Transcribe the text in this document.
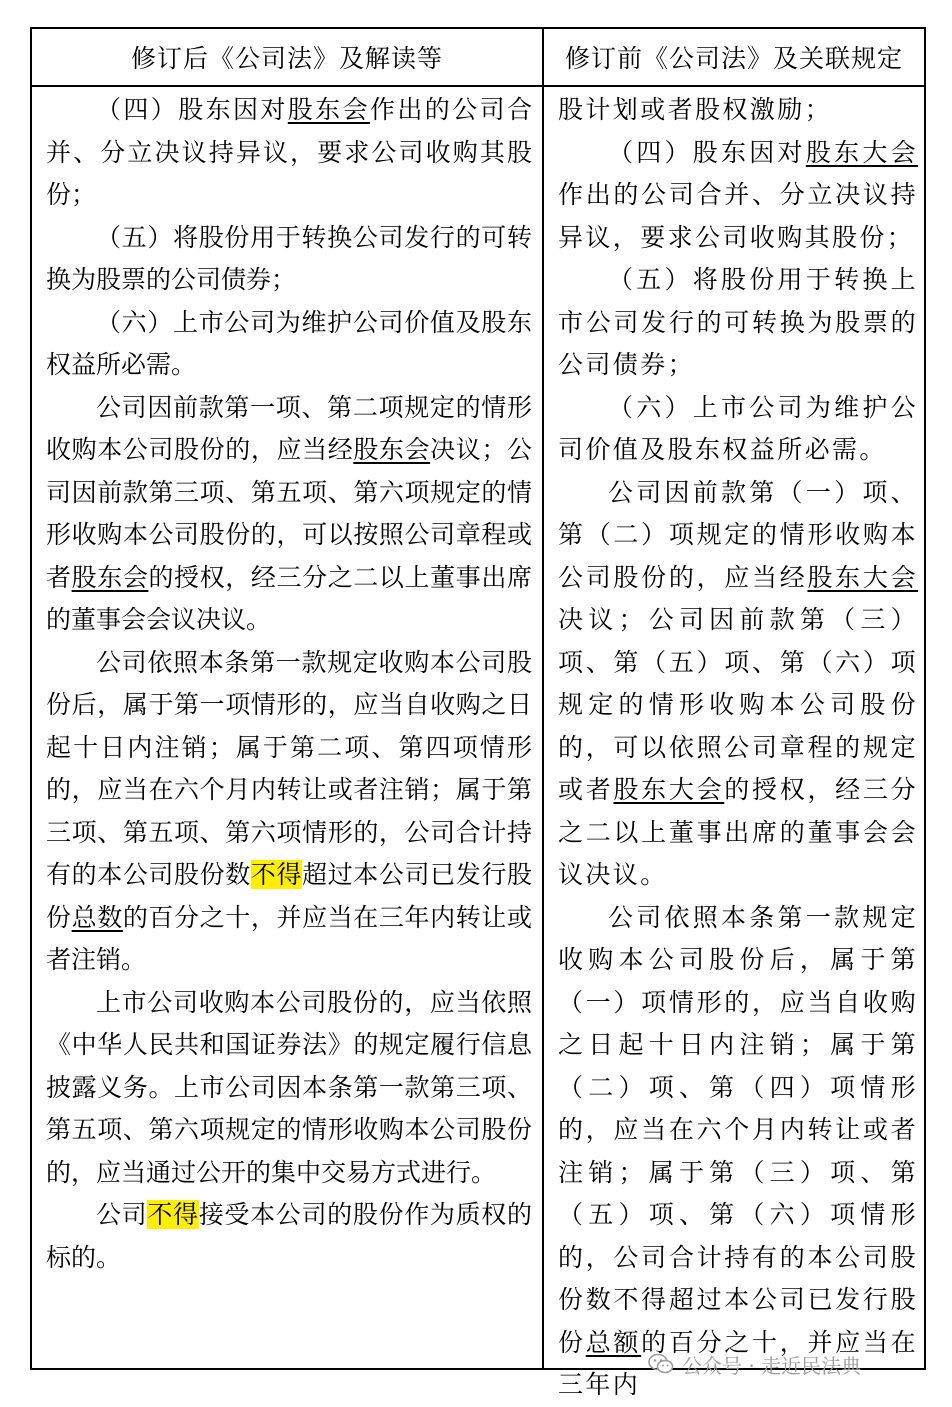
修订后《公司法》及解读等	修订前《公司法》及关联规定

（四）股东因对股东会作出的公司合并、分立决议持异议，要求公司收购其股份；

（五）将股份用于转换公司发行的可转换为股票的公司债券；

（六）上市公司为维护公司价值及股东权益所必需。

公司因前款第一项、第二项规定的情形收购本公司股份的，应当经股东会决议；公司因前款第三项、第五项、第六项规定的情形收购本公司股份的，可以按照公司章程或者股东会的授权，经三分之二以上董事出席的董事会会议决议。

公司依照本条第一款规定收购本公司股份后，属于第一项情形的，应当自收购之日起十日内注销；属于第二项、第四项情形的，应当在六个月内转让或者注销；属于第三项、第五项、第六项情形的，公司合计持有的本公司股份数不得超过本公司已发行股份总数的百分之十，并应当在三年内转让或者注销。

上市公司收购本公司股份的，应当依照《中华人民共和国证券法》的规定履行信息披露义务。上市公司因本条第一款第三项、第五项、第六项规定的情形收购本公司股份的，应当通过公开的集中交易方式进行。

公司不得接受本公司的股份作为质权的标的。

股计划或者股权激励；

（四）股东因对股东大会作出的公司合并、分立决议持异议，要求公司收购其股份；

（五）将股份用于转换上市公司发行的可转换为股票的公司债券；

（六）上市公司为维护公司价值及股东权益所必需。

公司因前款第（一）项、第（二）项规定的情形收购本公司股份的，应当经股东大会决议；公司因前款第（三）项、第（五）项、第（六）项规定的情形收购本公司股份的，可以依照公司章程的规定或者股东大会的授权，经三分之二以上董事出席的董事会会议决议。

公司依照本条第一款规定收购本公司股份后，属于第（一）项情形的，应当自收购之日起十日内注销；属于第（二）项、第（四）项情形的，应当在六个月内转让或者注销；属于第（三）项、第（五）项、第（六）项情形的，公司合计持有的本公司股份数不得超过本公司已发行股份总额的百分之十，并应当在三年内

公众号 · 走近民法典
